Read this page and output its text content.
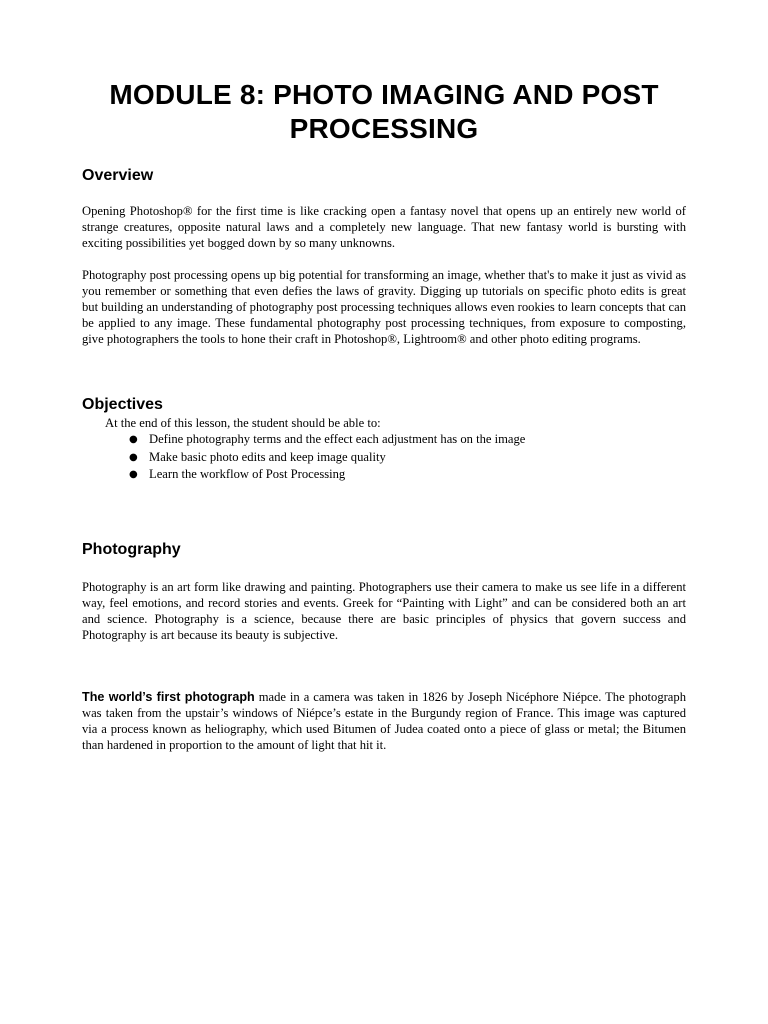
MODULE 8: PHOTO IMAGING AND POST PROCESSING
Overview

Opening Photoshop® for the first time is like cracking open a fantasy novel that opens up an entirely new world of strange creatures, opposite natural laws and a completely new language. That new fantasy world is bursting with exciting possibilities yet bogged down by so many unknowns.

Photography post processing opens up big potential for transforming an image, whether that's to make it just as vivid as you remember or something that even defies the laws of gravity. Digging up tutorials on specific photo edits is great but building an understanding of photography post processing techniques allows even rookies to learn concepts that can be applied to any image. These fundamental photography post processing techniques, from exposure to composting, give photographers the tools to hone their craft in Photoshop®, Lightroom® and other photo editing programs.

Objectives
At the end of this lesson, the student should be able to:
● Define photography terms and the effect each adjustment has on the image
● Make basic photo edits and keep image quality
● Learn the workflow of Post Processing
Photography

Photography is an art form like drawing and painting. Photographers use their camera to make us see life in a different way, feel emotions, and record stories and events. Greek for “Painting with Light” and can be considered both an art and science. Photography is a science, because there are basic principles of physics that govern success and Photography is art because its beauty is subjective.

The world’s first photograph made in a camera was taken in 1826 by Joseph Nicéphore Niépce. The photograph was taken from the upstair’s windows of Niépce’s estate in the Burgundy region of France. This image was captured via a process known as heliography, which used Bitumen of Judea coated onto a piece of glass or metal; the Bitumen than hardened in proportion to the amount of light that hit it.
